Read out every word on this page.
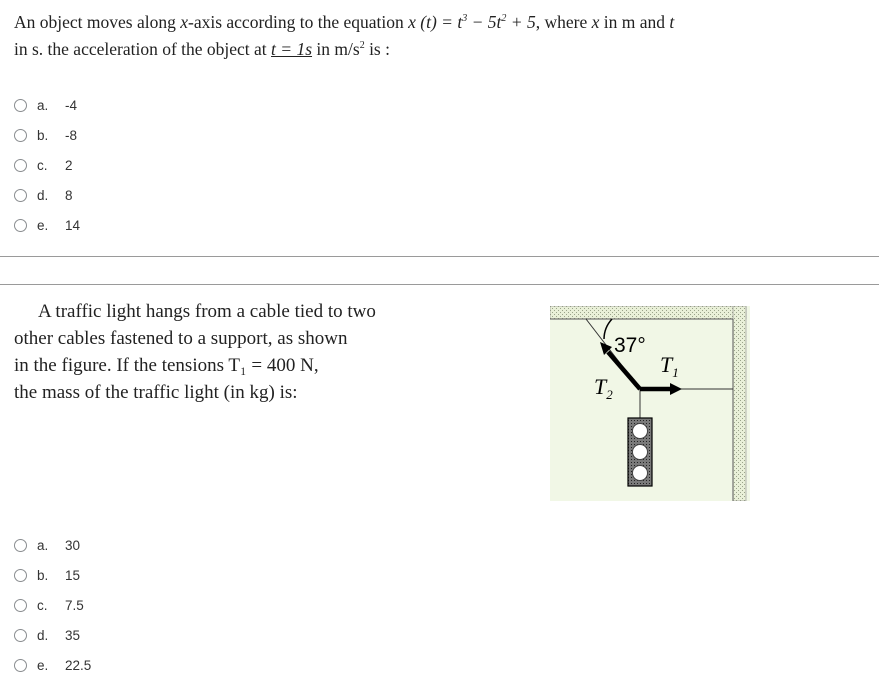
An object moves along x-axis according to the equation x $(t) = t^3 - 5t^2 + 5$, where x in m and t
in s. the acceleration of the object at t = 1s in $m/s^2$ is :
a.	-4
b.	-8
c.	2
d.	8
e.	14
A traffic light hangs from a cable tied to two
other cables fastened to a support, as shown
in the figure. If the tensions T₁ = 400 N,
the mass of the traffic light (in kg) is:
37°
$T_1$
$T_2$
a.	30
b.	15
c.	7.5
d.	35
e.	22.5
